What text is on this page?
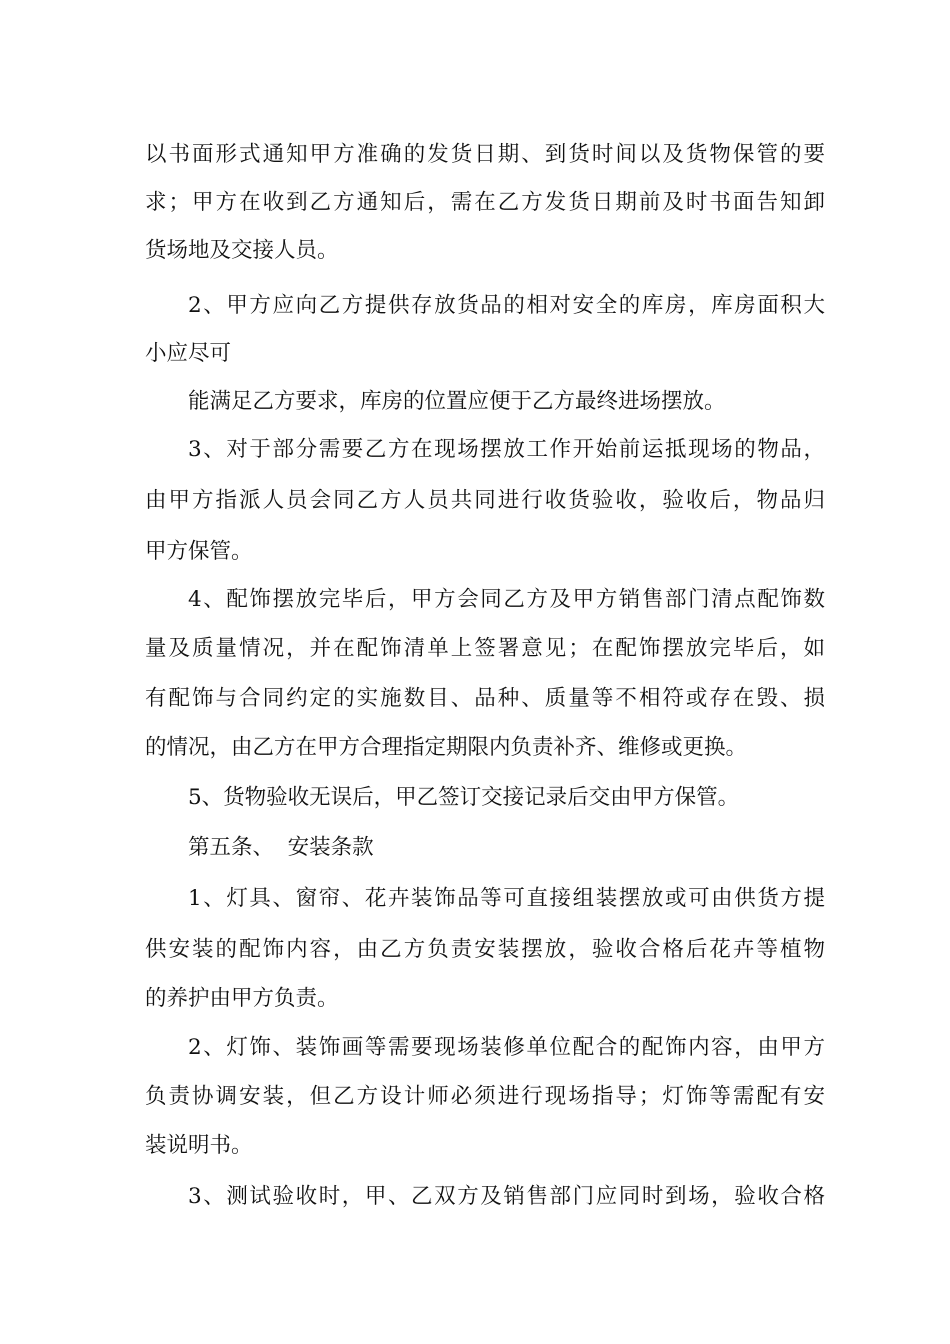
以书面形式通知甲方准确的发货日期、到货时间以及货物保管的要
求；甲方在收到乙方通知后，需在乙方发货日期前及时书面告知卸
货场地及交接人员。
2、甲方应向乙方提供存放货品的相对安全的库房，库房面积大
小应尽可
能满足乙方要求，库房的位置应便于乙方最终进场摆放。
3、对于部分需要乙方在现场摆放工作开始前运抵现场的物品，
由甲方指派人员会同乙方人员共同进行收货验收，验收后，物品归
甲方保管。
4、配饰摆放完毕后，甲方会同乙方及甲方销售部门清点配饰数
量及质量情况，并在配饰清单上签署意见；在配饰摆放完毕后，如
有配饰与合同约定的实施数目、品种、质量等不相符或存在毁、损
的情况，由乙方在甲方合理指定期限内负责补齐、维修或更换。
5、货物验收无误后，甲乙签订交接记录后交由甲方保管。
第五条、  安装条款
1、灯具、窗帘、花卉装饰品等可直接组装摆放或可由供货方提
供安装的配饰内容，由乙方负责安装摆放，验收合格后花卉等植物
的养护由甲方负责。
2、灯饰、装饰画等需要现场装修单位配合的配饰内容，由甲方
负责协调安装，但乙方设计师必须进行现场指导；灯饰等需配有安
装说明书。
3、测试验收时，甲、乙双方及销售部门应同时到场，验收合格
